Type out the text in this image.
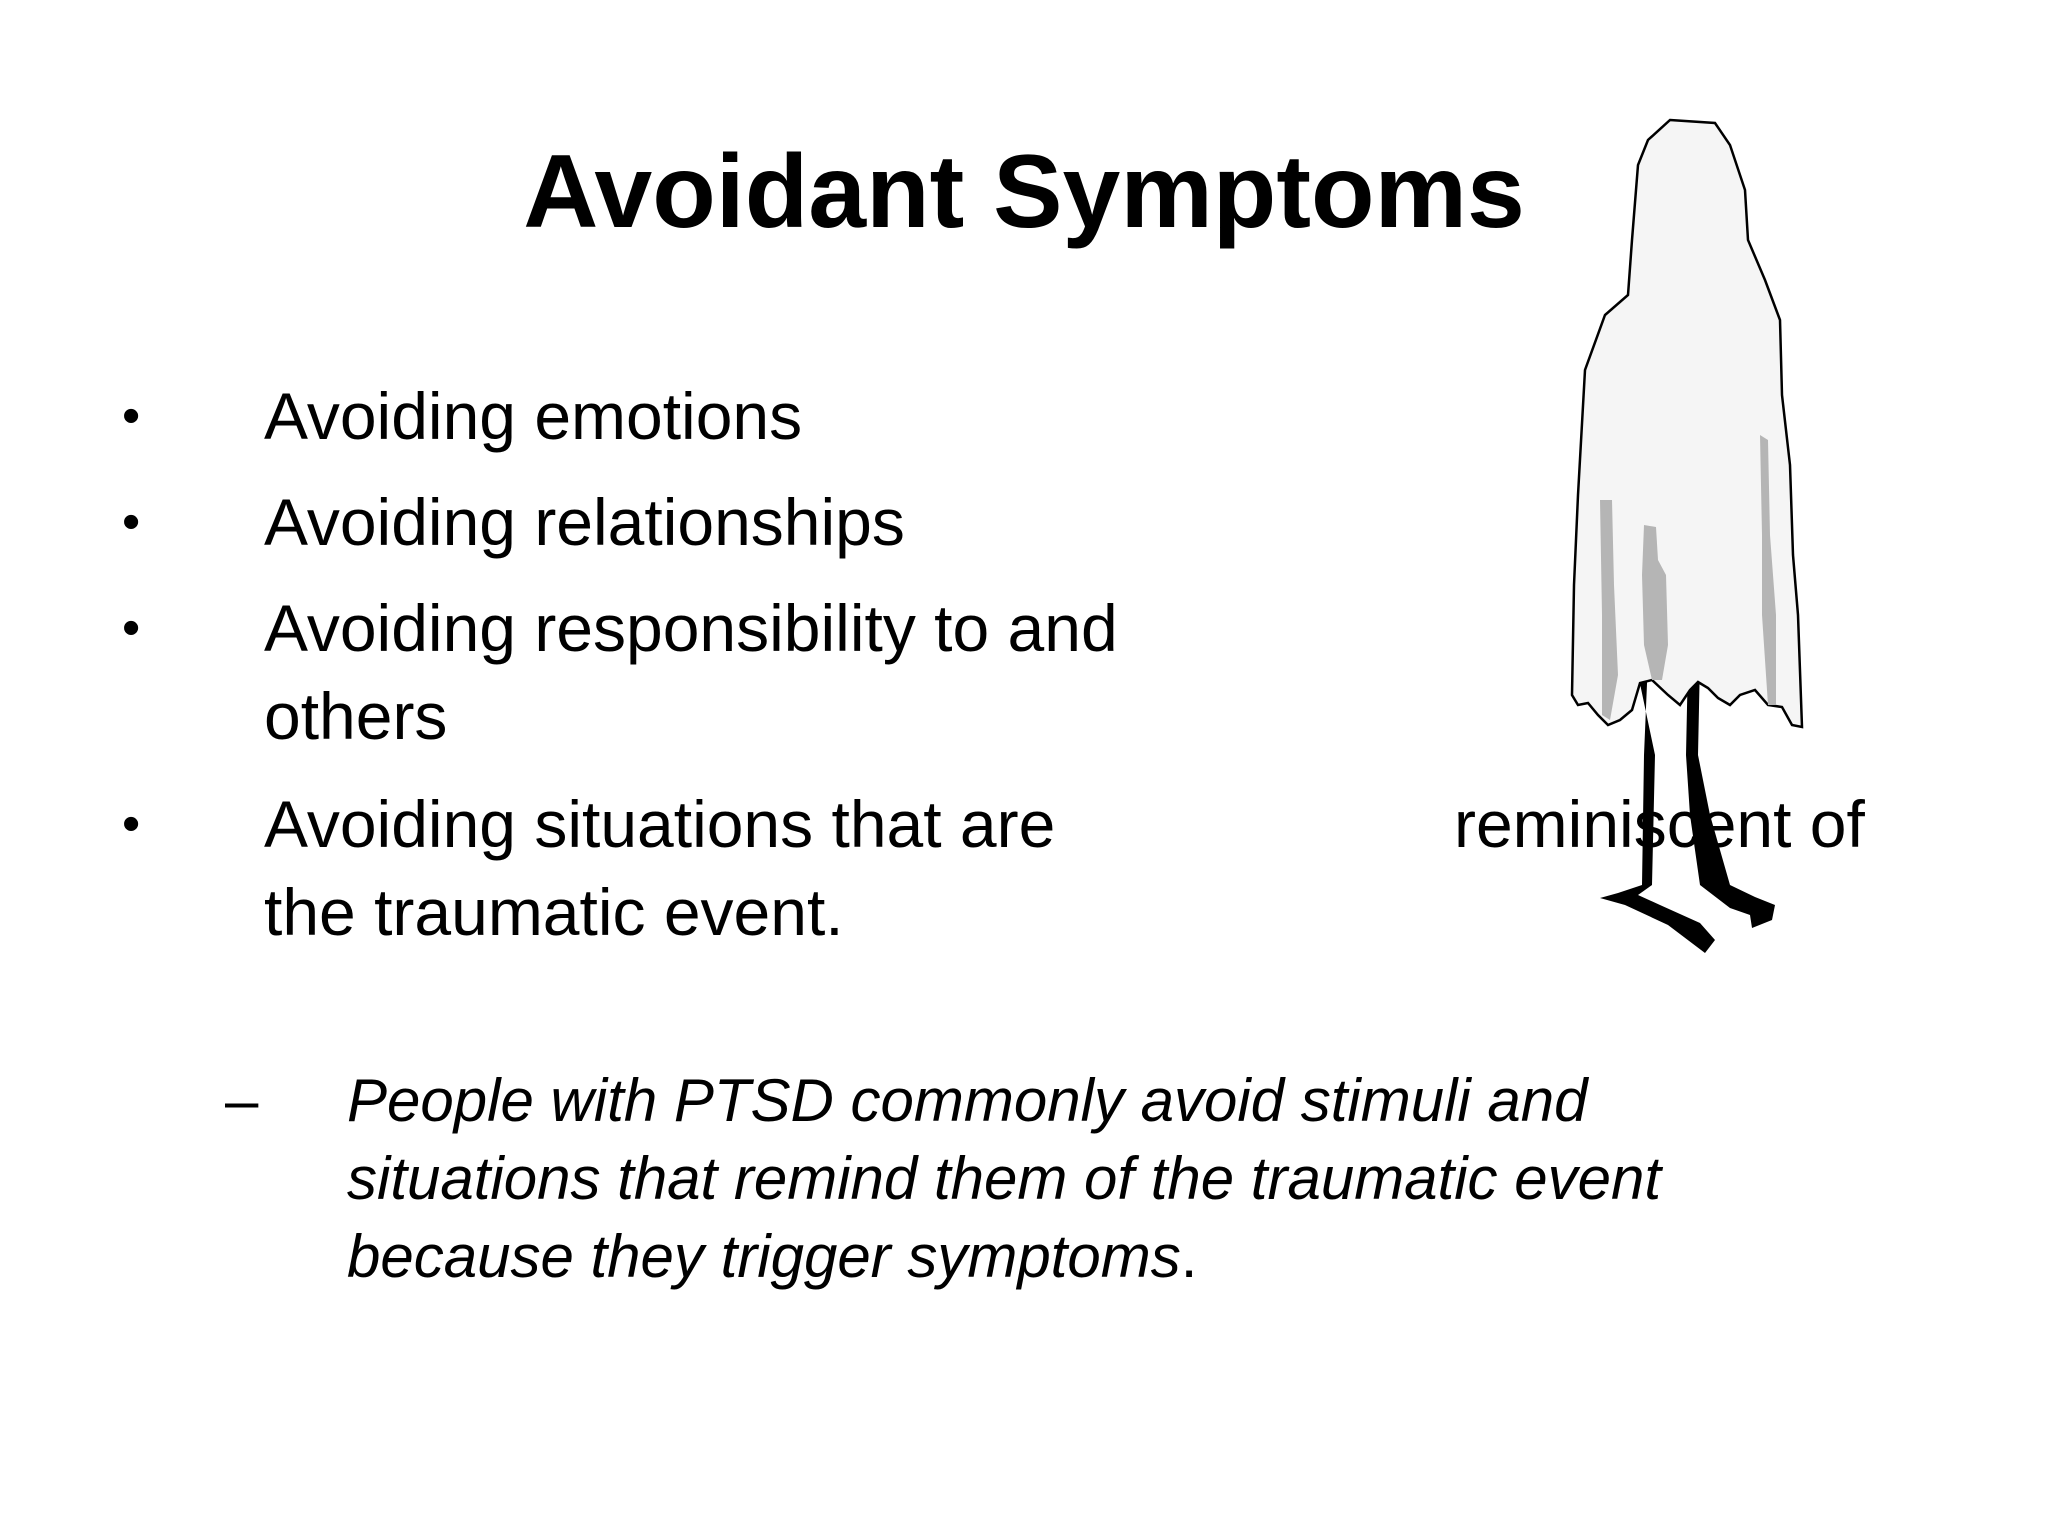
Avoidant Symptoms
• Avoiding emotions
• Avoiding relationships
• Avoiding responsibility to and
others
• Avoiding situations that are
the traumatic event.
reminiscent of
– People with PTSD commonly avoid stimuli and
situations that remind them of the traumatic event
because they trigger symptoms.
